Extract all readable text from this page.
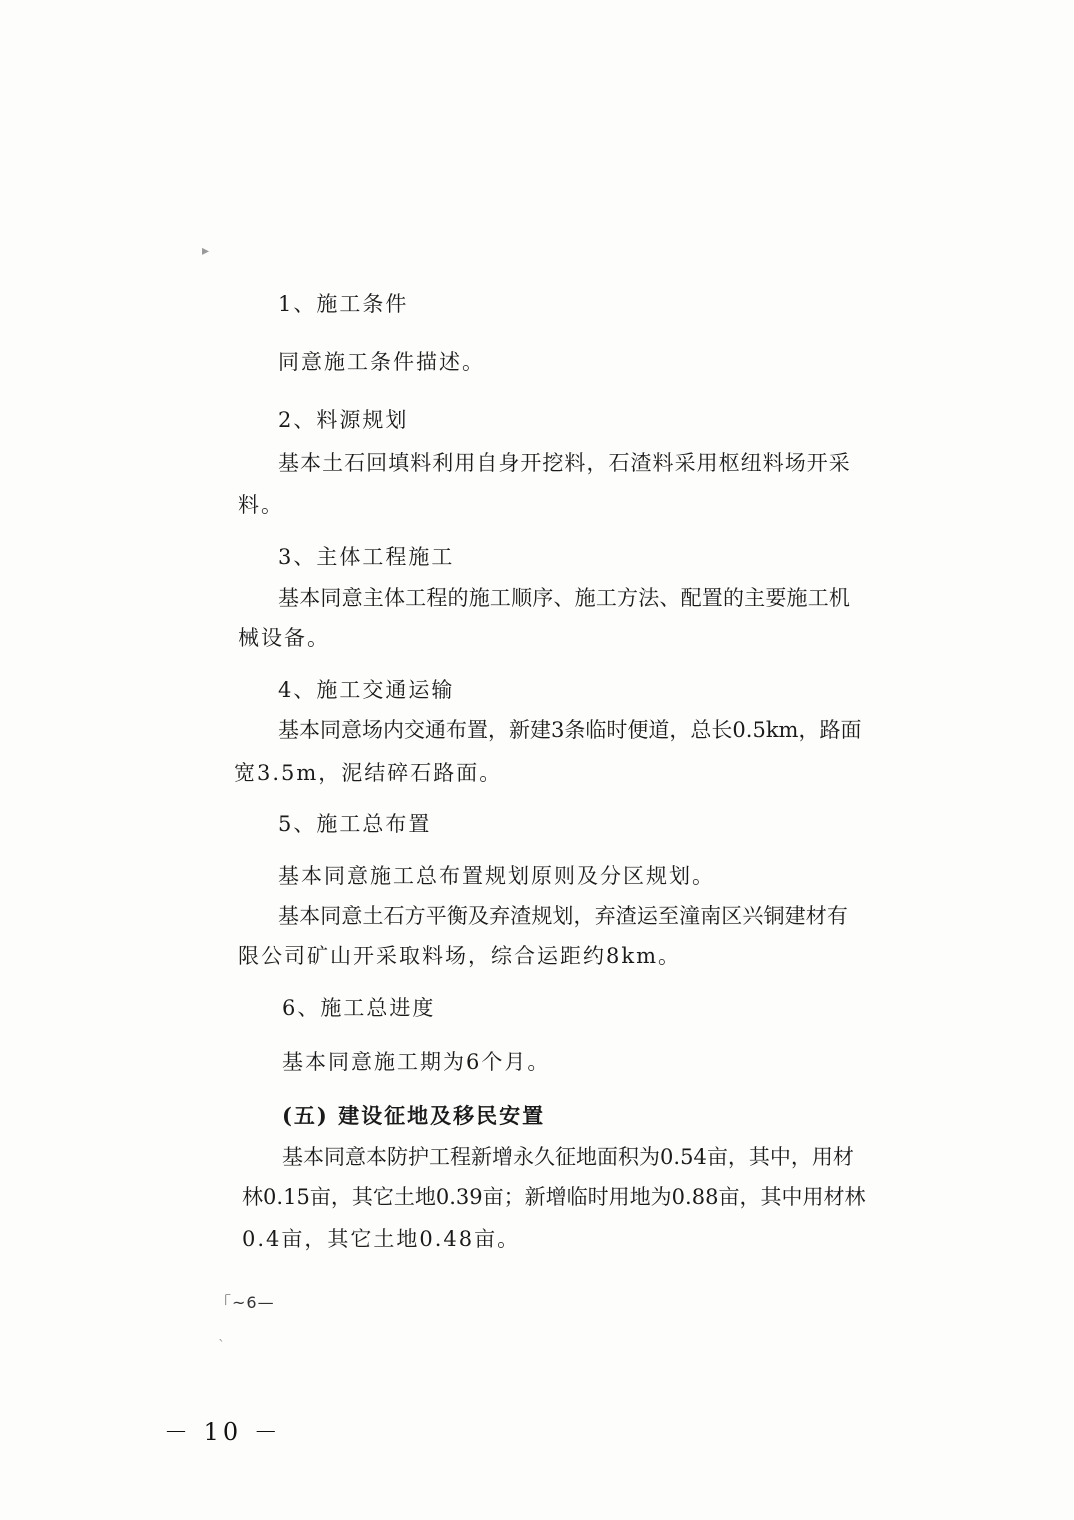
▸
1、施工条件
同意施工条件描述。
2、料源规划
基 本 土 石 回 填 料 利 用 自 身 开 挖 料 ， 石 渣 料 采 用 枢 纽 料 场 开 采
料。
3、主体工程施工
基 本 同 意 主 体 工 程 的 施 工 顺 序 、 施 工 方 法 、 配 置 的 主 要 施 工 机
械设备。
4、施工交通运输
基 本 同 意 场 内 交 通 布 置 ， 新 建 3 条 临 时 便 道 ， 总 长 0 . 5 k m ， 路 面
宽3.5m，泥结碎石路面。
5、施工总布置
基本同意施工总布置规划原则及分区规划。
基 本 同 意 土 石 方 平 衡 及 弃 渣 规 划 ， 弃 渣 运 至 潼 南 区 兴 铜 建 材 有
限公司矿山开采取料场，综合运距约8km。
6、施工总进度
基本同意施工期为6个月。
(五) 建设征地及移民安置
基 本 同 意 本 防 护 工 程 新 增 永 久 征 地 面 积 为 0 . 5 4 亩 ， 其 中 ， 用 材
林 0 . 1 5 亩 ， 其 它 土 地 0 . 3 9 亩 ； 新 增 临 时 用 地 为 0 . 8 8 亩 ， 其 中 用 材 林
0.4亩，其它土地0.48亩。
「~6—
ˎ
－ 10 －
